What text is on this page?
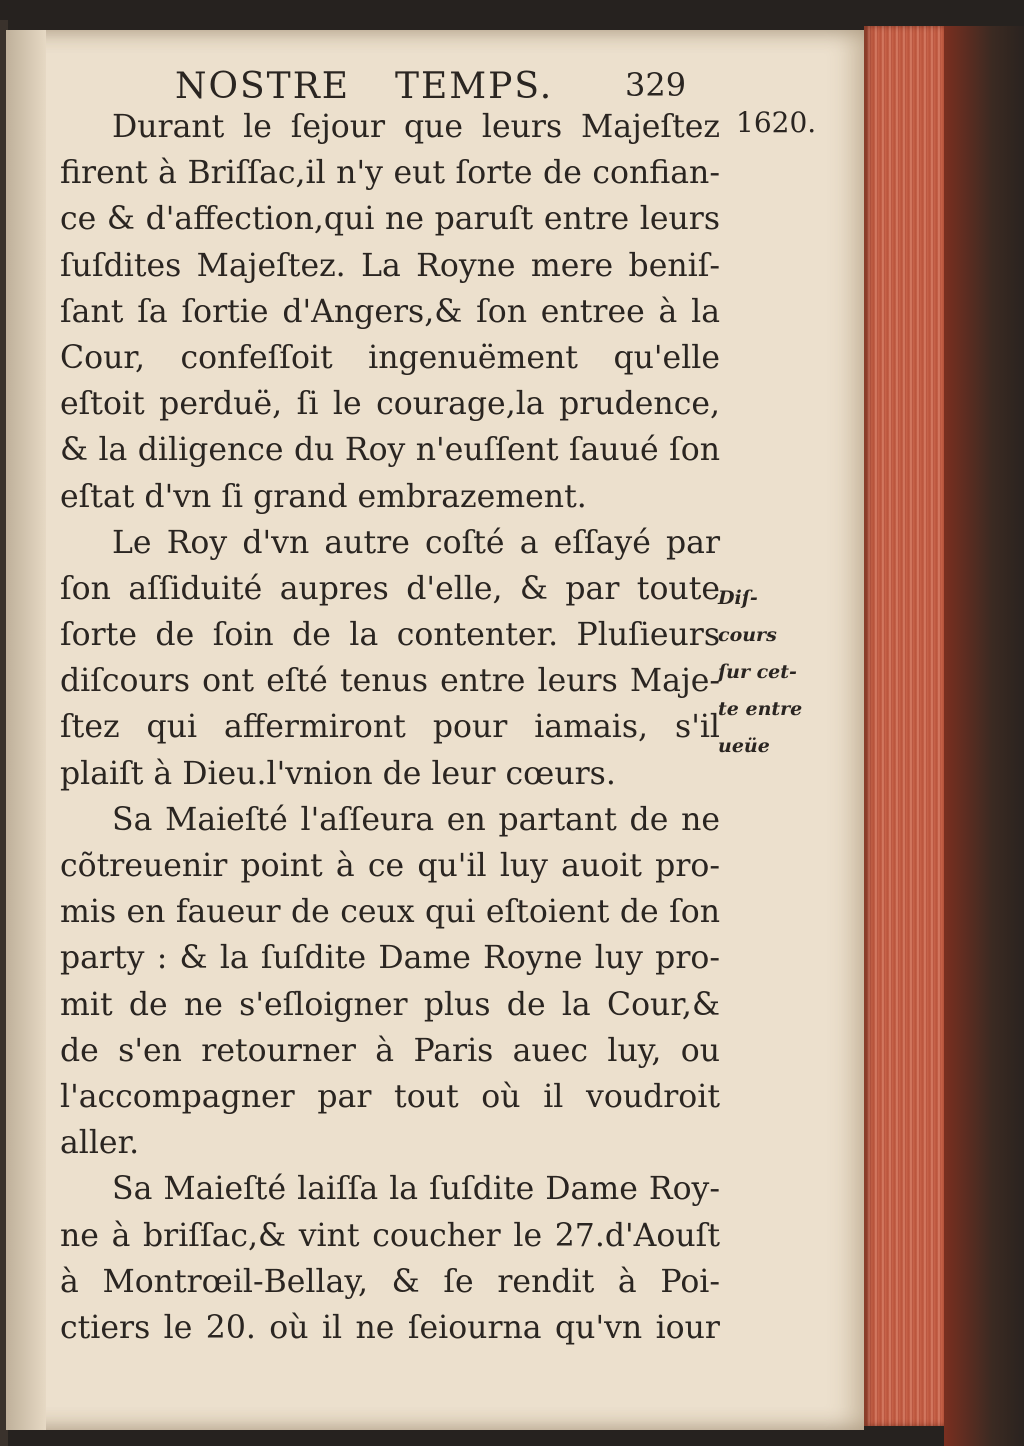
NOSTRE TEMPS. 329
1620.
Durant le ſejour que leurs Majeſtez
firent à Briſſac,il n'y eut ſorte de confian-
ce & d'affection,qui ne paruſt entre leurs
ſuſdites Majeſtez. La Royne mere beniſ-
ſant ſa ſortie d'Angers,& ſon entree à la
Cour, confeſſoit ingenuëment qu'elle
eſtoit perduë, ſi le courage,la prudence,
& la diligence du Roy n'euſſent ſauué ſon
eſtat d'vn ſi grand embrazement.
Le Roy d'vn autre coſté a eſſayé par
ſon aſſiduité aupres d'elle, & par toute
ſorte de ſoin de la contenter. Pluſieurs
diſcours ont eſté tenus entre leurs Maje-
ſtez qui affermiront pour iamais, s'il
plaiſt à Dieu.l'vnion de leur cœurs.
Sa Maieſté l'aſſeura en partant de ne
cõtreuenir point à ce qu'il luy auoit pro-
mis en faueur de ceux qui eſtoient de ſon
party : & la ſuſdite Dame Royne luy pro-
mit de ne s'eſloigner plus de la Cour,&
de s'en retourner à Paris auec luy, ou
l'accompagner par tout où il voudroit
aller.
Sa Maieſté laiſſa la ſuſdite Dame Roy-
ne à briſſac,& vint coucher le 27.d'Aouſt
à Montrœil-Bellay, & ſe rendit à Poi-
ctiers le 20. où il ne ſeiourna qu'vn iour
Diſ-
cours
ſur cet-
te entre
ueüe
